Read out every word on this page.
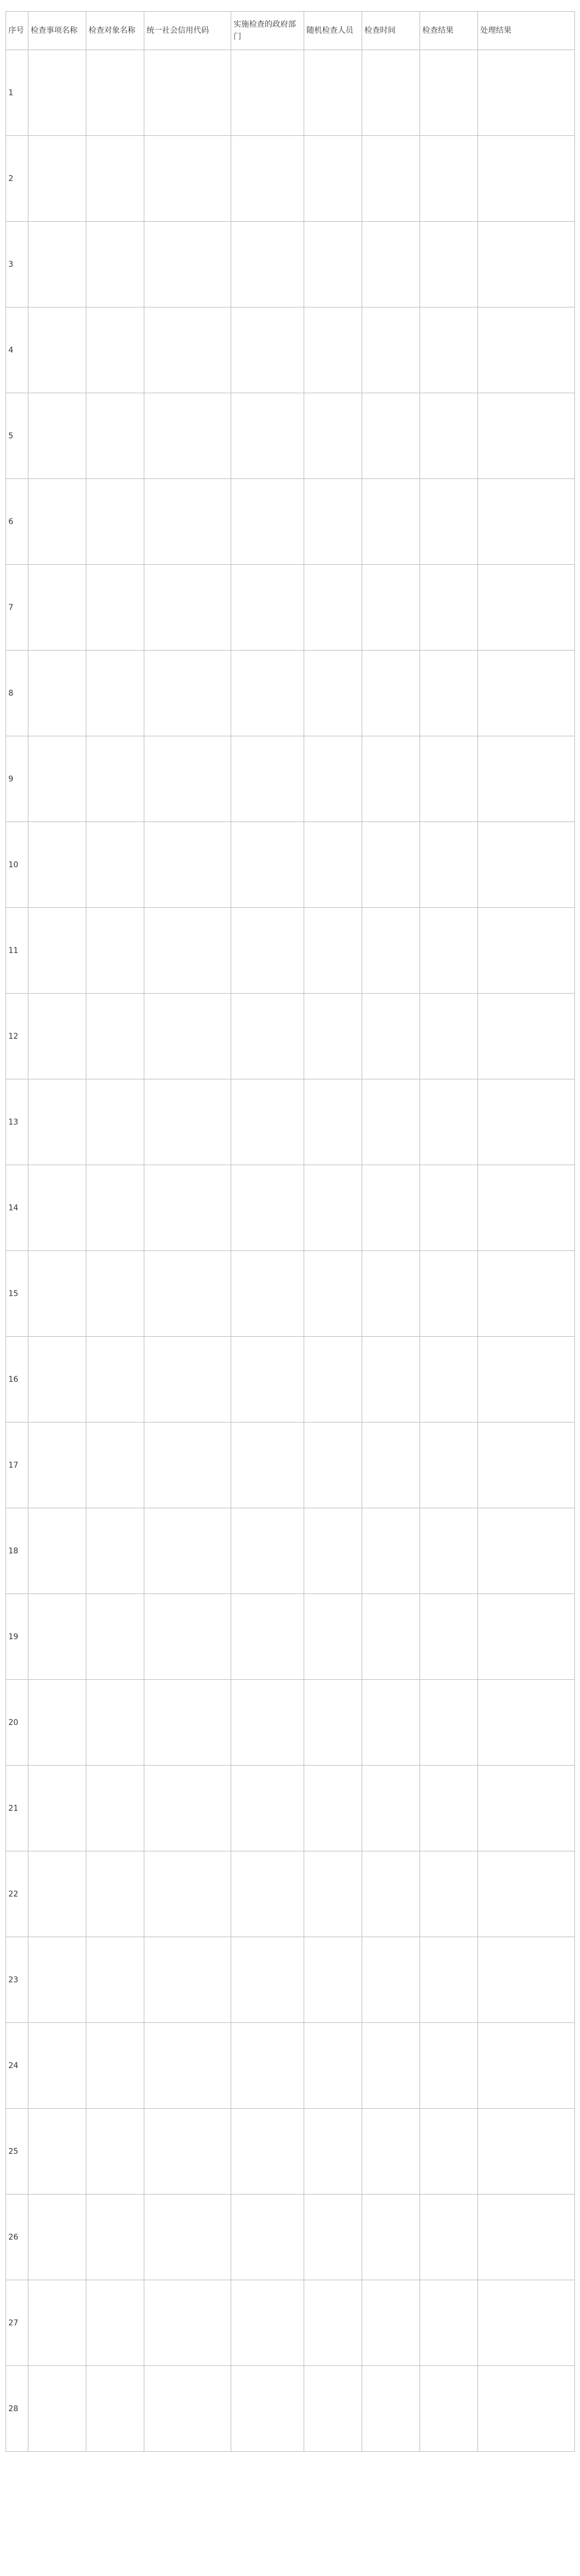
序号	检查事项名称	检查对象名称	统一社会信用代码	实施检查的政府部门	随机检查人员	检查时间	检查结果	处理结果
1								
2								
3								
4								
5								
6								
7								
8								
9								
10								
11								
12								
13								
14								
15								
16								
17								
18								
19								
20								
21								
22								
23								
24								
25								
26								
27								
28								
